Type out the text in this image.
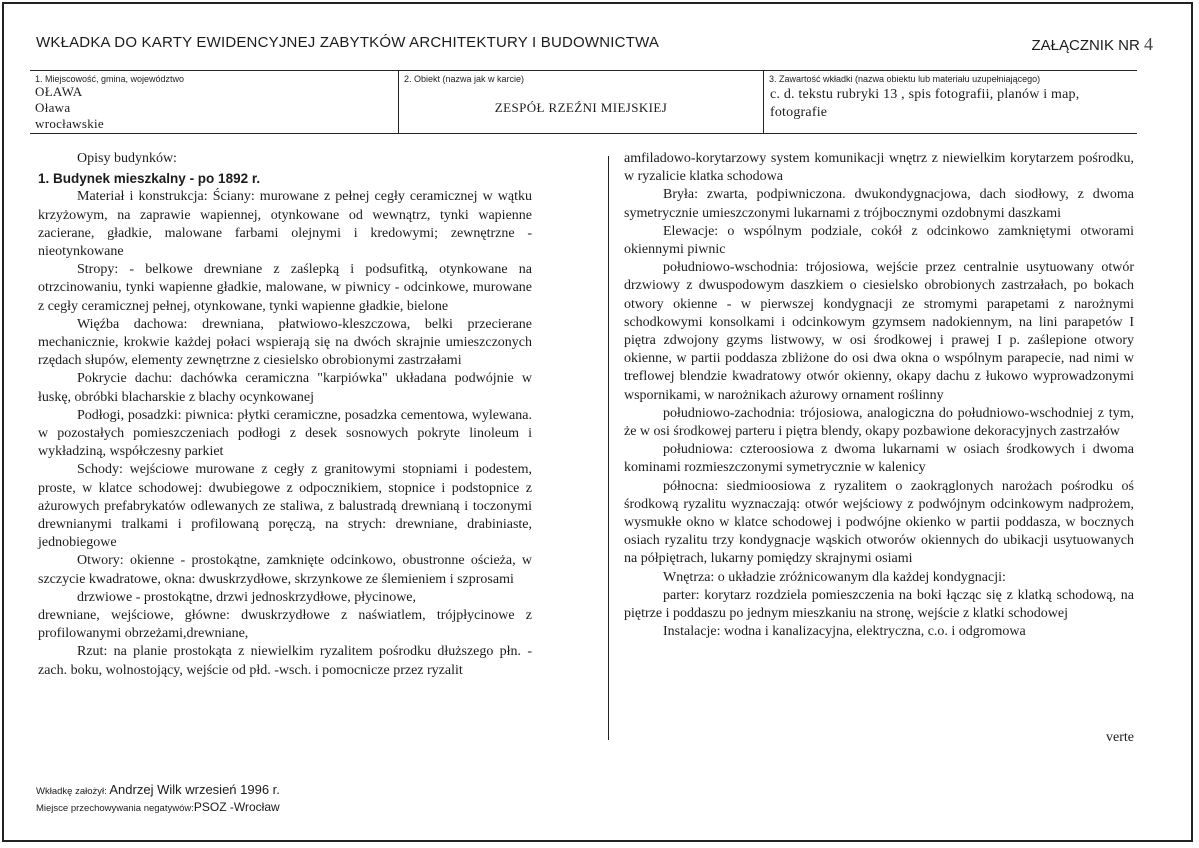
WKŁADKA DO KARTY EWIDENCYJNEJ ZABYTKÓW ARCHITEKTURY I BUDOWNICTWA	ZAŁĄCZNIK NR 4
1. Miejscowość, gmina, województwo
OŁAWA
Oława
wrocławskie
2. Obiekt (nazwa jak w karcie)
ZESPÓŁ RZEŹNI MIEJSKIEJ
3. Zawartość wkładki (nazwa obiektu lub materiału uzupełniającego)
c. d. tekstu rubryki 13 , spis fotografii, planów i map,
fotografie

Opisy budynków:

1. Budynek mieszkalny - po 1892 r.

Materiał i konstrukcja: Ściany: murowane z pełnej cegły ceramicznej w wątku krzyżowym, na zaprawie wapiennej, otynkowane od wewnątrz, tynki wapienne zacierane, gładkie, malowane farbami olejnymi i kredowymi; zewnętrzne - nieotynkowane

Stropy: - belkowe drewniane z zaślepką i podsufitką, otynkowane na otrzcinowaniu, tynki wapienne gładkie, malowane, w piwnicy - odcinkowe, murowane z cegły ceramicznej pełnej, otynkowane, tynki wapienne gładkie, bielone

Więźba dachowa: drewniana, płatwiowo-kleszczowa, belki przecierane mechanicznie, krokwie każdej połaci wspierają się na dwóch skrajnie umieszczonych rzędach słupów, elementy zewnętrzne z ciesielsko obrobionymi zastrzałami

Pokrycie dachu: dachówka ceramiczna "karpiówka" układana podwójnie w łuskę, obróbki blacharskie z blachy ocynkowanej

Podłogi, posadzki: piwnica: płytki ceramiczne, posadzka cementowa, wylewana. w pozostałych pomieszczeniach podłogi z desek sosnowych pokryte linoleum i wykładziną, współczesny parkiet

Schody: wejściowe murowane z cegły z granitowymi stopniami i podestem, proste, w klatce schodowej: dwubiegowe z odpocznikiem, stopnice i podstopnice z ażurowych prefabrykatów odlewanych ze staliwa, z balustradą drewnianą i toczonymi drewnianymi tralkami i profilowaną poręczą, na strych: drewniane, drabiniaste, jednobiegowe

Otwory: okienne - prostokątne, zamknięte odcinkowo, obustronne ościeża, w szczycie kwadratowe, okna: dwuskrzydłowe, skrzynkowe ze ślemieniem i szprosami

drzwiowe - prostokątne, drzwi jednoskrzydłowe, płycinowe,

drewniane, wejściowe, główne: dwuskrzydłowe z naświatlem, trójpłycinowe z profilowanymi obrzeżami,drewniane,

Rzut: na planie prostokąta z niewielkim ryzalitem pośrodku dłuższego płn. - zach. boku, wolnostojący, wejście od płd. -wsch. i pomocnicze przez ryzalit

amfiladowo-korytarzowy system komunikacji wnętrz z niewielkim korytarzem pośrodku, w ryzalicie klatka schodowa

Bryła: zwarta, podpiwniczona. dwukondygnacjowa, dach siodłowy, z dwoma symetrycznie umieszczonymi lukarnami z trójbocznymi ozdobnymi daszkami

Elewacje: o wspólnym podziale, cokół z odcinkowo zamkniętymi otworami okiennymi piwnic

południowo-wschodnia: trójosiowa, wejście przez centralnie usytuowany otwór drzwiowy z dwuspodowym daszkiem o ciesielsko obrobionych zastrzałach, po bokach otwory okienne - w pierwszej kondygnacji ze stromymi parapetami z narożnymi schodkowymi konsolkami i odcinkowym gzymsem nadokiennym, na lini parapetów I piętra zdwojony gzyms listwowy, w osi środkowej i prawej I p. zaślepione otwory okienne, w partii poddasza zbliżone do osi dwa okna o wspólnym parapecie, nad nimi w treflowej blendzie kwadratowy otwór okienny, okapy dachu z łukowo wyprowadzonymi wspornikami, w narożnikach ażurowy ornament roślinny

południowo-zachodnia: trójosiowa, analogiczna do południowo-wschodniej z tym, że w osi środkowej parteru i piętra blendy, okapy pozbawione dekoracyjnych zastrzałów

południowa: czteroosiowa z dwoma lukarnami w osiach środkowych i dwoma kominami rozmieszczonymi symetrycznie w kalenicy

północna: siedmioosiowa z ryzalitem o zaokrąglonych narożach pośrodku oś środkową ryzalitu wyznaczają: otwór wejściowy z podwójnym odcinkowym nadprożem, wysmukłe okno w klatce schodowej i podwójne okienko w partii poddasza, w bocznych osiach ryzalitu trzy kondygnacje wąskich otworów okiennych do ubikacji usytuowanych na półpiętrach, lukarny pomiędzy skrajnymi osiami

Wnętrza: o układzie zróżnicowanym dla każdej kondygnacji:

parter: korytarz rozdziela pomieszczenia na boki łącząc się z klatką schodową, na piętrze i poddaszu po jednym mieszkaniu na stronę, wejście z klatki schodowej

Instalacje: wodna i kanalizacyjna, elektryczna, c.o. i odgromowa

verte
Wkładkę założył: Andrzej Wilk wrzesień 1996 r.
Miejsce przechowywania negatywów:PSOZ -Wrocław
